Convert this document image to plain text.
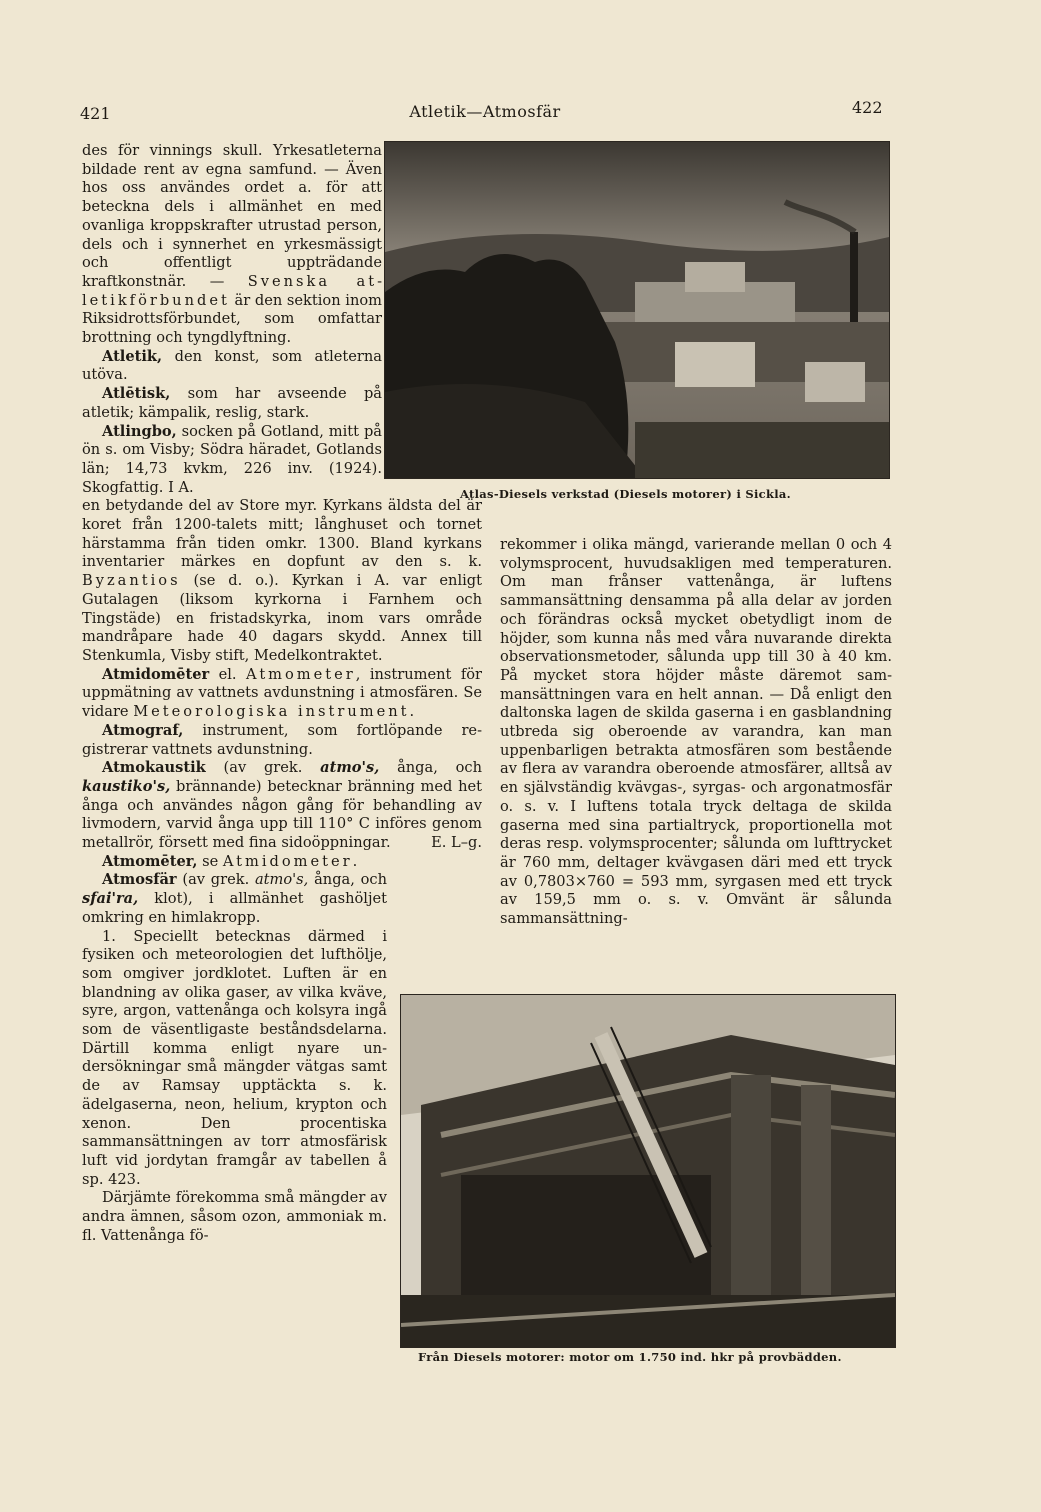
421	Atletik—Atmosfär	422
Atlas-Diesels verkstad (Diesels motorer) i Sickla.

des för vinnings skull. Yrkesatleterna bildade rent av egna samfund. — Även hos oss användes ordet a. för att beteckna dels i allmänhet en med ovanliga kroppskrafter utrustad person, dels och i synnerhet en yrkesmässigt och offentligt uppträdande kraftkonstnär. — Svenska atletikförbundet är den sektion inom Riksidrottsförbundet, som omfattar brottning och tyngdlyftning.

Atletik, den konst, som atleterna utöva.

Atlētisk, som har avseende på atletik; kämpalik, reslig, stark.

Atlingbo, socken på Gotland, mitt på ön s. om Visby; Södra häradet, Gotlands län; 14,73 kvkm, 226 inv. (1924). Skogfattig. I A.

en betydande del av Store myr. Kyrkans äldsta del är koret från 1200-talets mitt; långhuset och tornet härstamma från tiden omkr. 1300. Bland kyrkans inventarier märkes en dopfunt av den s. k. Byzantios (se d. o.). Kyrkan i A. var enligt Gutalagen (liksom kyrkorna i Farnhem och Tingstäde) en fristadskyrka, inom vars område mandråpare hade 40 dagars skydd. Annex till Stenkumla, Visby stift, Medelkontraktet.

Atmidomēter el. Atmometer, instrument för uppmätning av vattnets avdunstning i atmosfären. Se vidare Meteorologiska instrument.

Atmograf, instrument, som fortlöpande registrerar vattnets avdunstning.

Atmokaustik (av grek. atmo's, ånga, och kaustiko's, brännande) betecknar bränning med het ånga och användes någon gång för behandling av livmodern, varvid ånga upp till 110° C införes genom metallrör, försett med fina sidoöppningar.	E. L–g.

Atmomēter, se Atmidometer.

Atmosfär (av grek. atmo's, ånga, och sfai'ra, klot), i allmänhet gashöljet omkring en himlakropp.

1. Speciellt betecknas därmed i fysiken och meteorologien det lufthölje, som omgiver jordklotet. Luften är en blandning av olika gaser, av vilka kväve, syre, argon, vattenånga och kolsyra ingå som de väsentligaste beståndsdelarna. Därtill komma enligt nyare undersökningar små mängder vätgas samt de av Ramsay upptäckta s. k. ädelgaserna, neon, helium, krypton och xenon. Den procentiska sammansättningen av torr atmosfärisk luft vid jordytan framgår av tabellen å sp. 423.

Därjämte förekomma små mängder av andra ämnen, såsom ozon, ammoniak m. fl. Vattenånga fö-

rekommer i olika mängd, varierande mellan 0 och 4 volymsprocent, huvudsakligen med temperaturen. Om man frånser vattenånga, är luftens sammansättning densamma på alla delar av jorden och förändras också mycket obetydligt inom de höjder, som kunna nås med våra nuvarande direkta observationsmetoder, sålunda upp till 30 à 40 km. På mycket stora höjder måste däremot sammansättningen vara en helt annan. — Då enligt den daltonska lagen de skilda gaserna i en gasblandning utbreda sig oberoende av varandra, kan man uppenbarligen betrakta atmosfären som bestående av flera av varandra oberoende atmosfärer, alltså av en självständig kvävgas-, syrgas- och argonatmosfär o. s. v. I luftens totala tryck deltaga de skilda gaserna med sina partialtryck, proportionella mot deras resp. volymsprocenter; sålunda om lufttrycket är 760 mm, deltager kvävgasen däri med ett tryck av 0,7803×760 = 593 mm, syrgasen med ett tryck av 159,5 mm o. s. v. Omvänt är sålunda sammansättning-
Från Diesels motorer: motor om 1.750 ind. hkr på provbädden.
